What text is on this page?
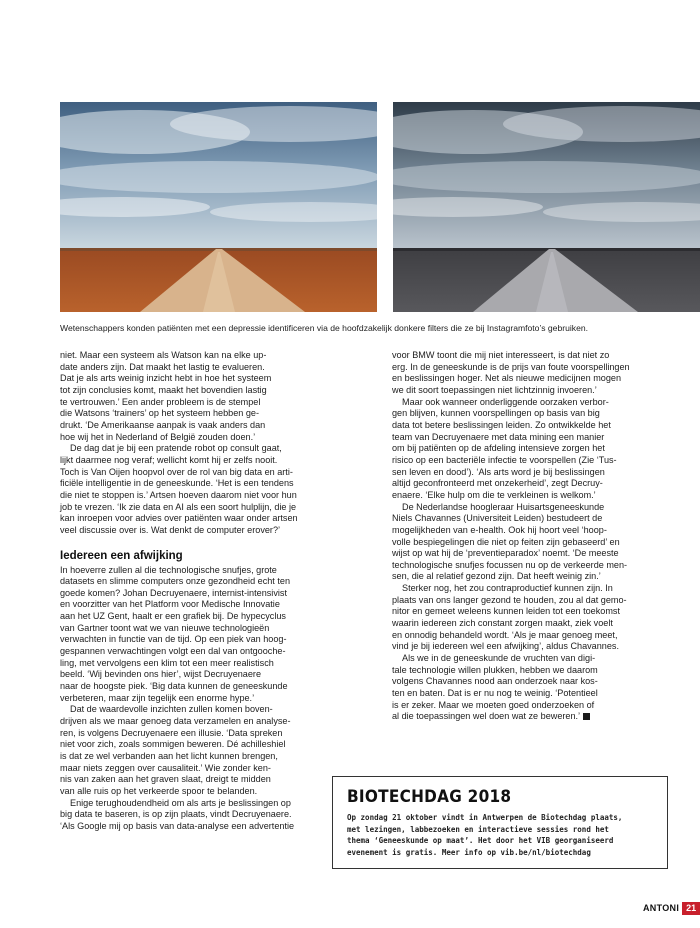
Wetenschappers konden patiënten met een depressie identificeren via de hoofdzakelijk donkere filters die ze bij Instagramfoto’s gebruiken.
niet. Maar een systeem als Watson kan na elke up-
date anders zijn. Dat maakt het lastig te evalueren.
Dat je als arts weinig inzicht hebt in hoe het systeem
tot zijn conclusies komt, maakt het bovendien lastig
te vertrouwen.’ Een ander probleem is de stempel
die Watsons ‘trainers’ op het systeem hebben ge-
drukt. ‘De Amerikaanse aanpak is vaak anders dan
hoe wij het in Nederland of België zouden doen.’
De dag dat je bij een pratende robot op consult gaat,
lijkt daarmee nog veraf; wellicht komt hij er zelfs nooit.
Toch is Van Oijen hoopvol over de rol van big data en arti-
ficiële intelligentie in de geneeskunde. ‘Het is een tendens
die niet te stoppen is.’ Artsen hoeven daarom niet voor hun
job te vrezen. ‘Ik zie data en AI als een soort hulplijn, die je
kan inroepen voor advies over patiënten waar onder artsen
veel discussie over is. Wat denkt de computer erover?’
Iedereen een afwijking
In hoeverre zullen al die technologische snufjes, grote
datasets en slimme computers onze gezondheid echt ten
goede komen? Johan Decruyenaere, internist-intensivist
en voorzitter van het Platform voor Medische Innovatie
aan het UZ Gent, haalt er een grafiek bij. De hypecyclus
van Gartner toont wat we van nieuwe technologieën
verwachten in functie van de tijd. Op een piek van hoog-
gespannen verwachtingen volgt een dal van ontgooche-
ling, met vervolgens een klim tot een meer realistisch
beeld. ‘Wij bevinden ons hier’, wijst Decruyenaere
naar de hoogste piek. ‘Big data kunnen de geneeskunde
verbeteren, maar zijn tegelijk een enorme hype.’
Dat de waardevolle inzichten zullen komen boven-
drijven als we maar genoeg data verzamelen en analyse-
ren, is volgens Decruyenaere een illusie. ‘Data spreken
niet voor zich, zoals sommigen beweren. Dé achilleshiel
is dat ze wel verbanden aan het licht kunnen brengen,
maar niets zeggen over causaliteit.’ Wie zonder ken-
nis van zaken aan het graven slaat, dreigt te midden
van alle ruis op het verkeerde spoor te belanden.
Enige terughoudendheid om als arts je beslissingen op
big data te baseren, is op zijn plaats, vindt Decruyenaere.
‘Als Google mij op basis van data-analyse een advertentie
voor BMW toont die mij niet interesseert, is dat niet zo
erg. In de geneeskunde is de prijs van foute voorspellingen
en beslissingen hoger. Net als nieuwe medicijnen mogen
we dit soort toepassingen niet lichtzinnig invoeren.’
Maar ook wanneer onderliggende oorzaken verbor-
gen blijven, kunnen voorspellingen op basis van big
data tot betere beslissingen leiden. Zo ontwikkelde het
team van Decruyenaere met data mining een manier
om bij patiënten op de afdeling intensieve zorgen het
risico op een bacteriële infectie te voorspellen (Zie ‘Tus-
sen leven en dood’). ‘Als arts word je bij beslissingen
altijd geconfronteerd met onzekerheid’, zegt Decruy-
enaere. ‘Elke hulp om die te verkleinen is welkom.’
De Nederlandse hoogleraar Huisartsgeneeskunde
Niels Chavannes (Universiteit Leiden) bestudeert de
mogelijkheden van e-health. Ook hij hoort veel ‘hoop-
volle bespiegelingen die niet op feiten zijn gebaseerd’ en
wijst op wat hij de ‘preventieparadox’ noemt. ‘De meeste
technologische snufjes focussen nu op de verkeerde men-
sen, die al relatief gezond zijn. Dat heeft weinig zin.’
Sterker nog, het zou contraproductief kunnen zijn. In
plaats van ons langer gezond te houden, zou al dat gemo-
nitor en gemeet weleens kunnen leiden tot een toekomst
waarin iedereen zich constant zorgen maakt, ziek voelt
en onnodig behandeld wordt. ‘Als je maar genoeg meet,
vind je bij iedereen wel een afwijking’, aldus Chavannes.
Als we in de geneeskunde de vruchten van digi-
tale technologie willen plukken, hebben we daarom
volgens Chavannes nood aan onderzoek naar kos-
ten en baten. Dat is er nu nog te weinig. ‘Potentieel
is er zeker. Maar we moeten goed onderzoeken of
al die toepassingen wel doen wat ze beweren.’
BIOTECHDAG 2018
Op zondag 21 oktober vindt in Antwerpen de Biotechdag plaats,
met lezingen, labbezoeken en interactieve sessies rond het
thema ‘Geneeskunde op maat’. Het door het VIB georganiseerd
evenement is gratis. Meer info op vib.be/nl/biotechdag
ANTONI 21
